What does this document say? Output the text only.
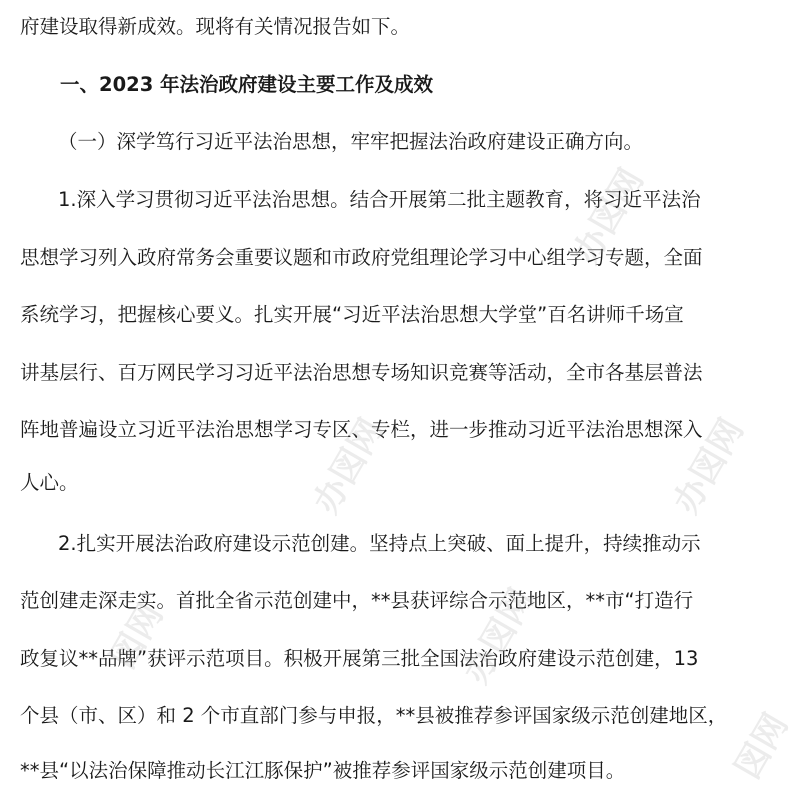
府建设取得新成效。现将有关情况报告如下。
一、2023 年法治政府建设主要工作及成效
（一）深学笃行习近平法治思想，牢牢把握法治政府建设正确方向。
1.深入学习贯彻习近平法治思想。结合开展第二批主题教育，将习近平法治
思想学习列入政府常务会重要议题和市政府党组理论学习中心组学习专题，全面
系统学习，把握核心要义。扎实开展“习近平法治思想大学堂”百名讲师千场宣
讲基层行、百万网民学习习近平法治思想专场知识竞赛等活动，全市各基层普法
阵地普遍设立习近平法治思想学习专区、专栏，进一步推动习近平法治思想深入
人心。
2.扎实开展法治政府建设示范创建。坚持点上突破、面上提升，持续推动示
范创建走深走实。首批全省示范创建中，**县获评综合示范地区，**市“打造行
政复议**品牌”获评示范项目。积极开展第三批全国法治政府建设示范创建，13
个县（市、区）和 2 个市直部门参与申报，**县被推荐参评国家级示范创建地区，
**县“以法治保障推动长江江豚保护”被推荐参评国家级示范创建项目。
办図网
办図网	办図网
図网	办図网
図网
